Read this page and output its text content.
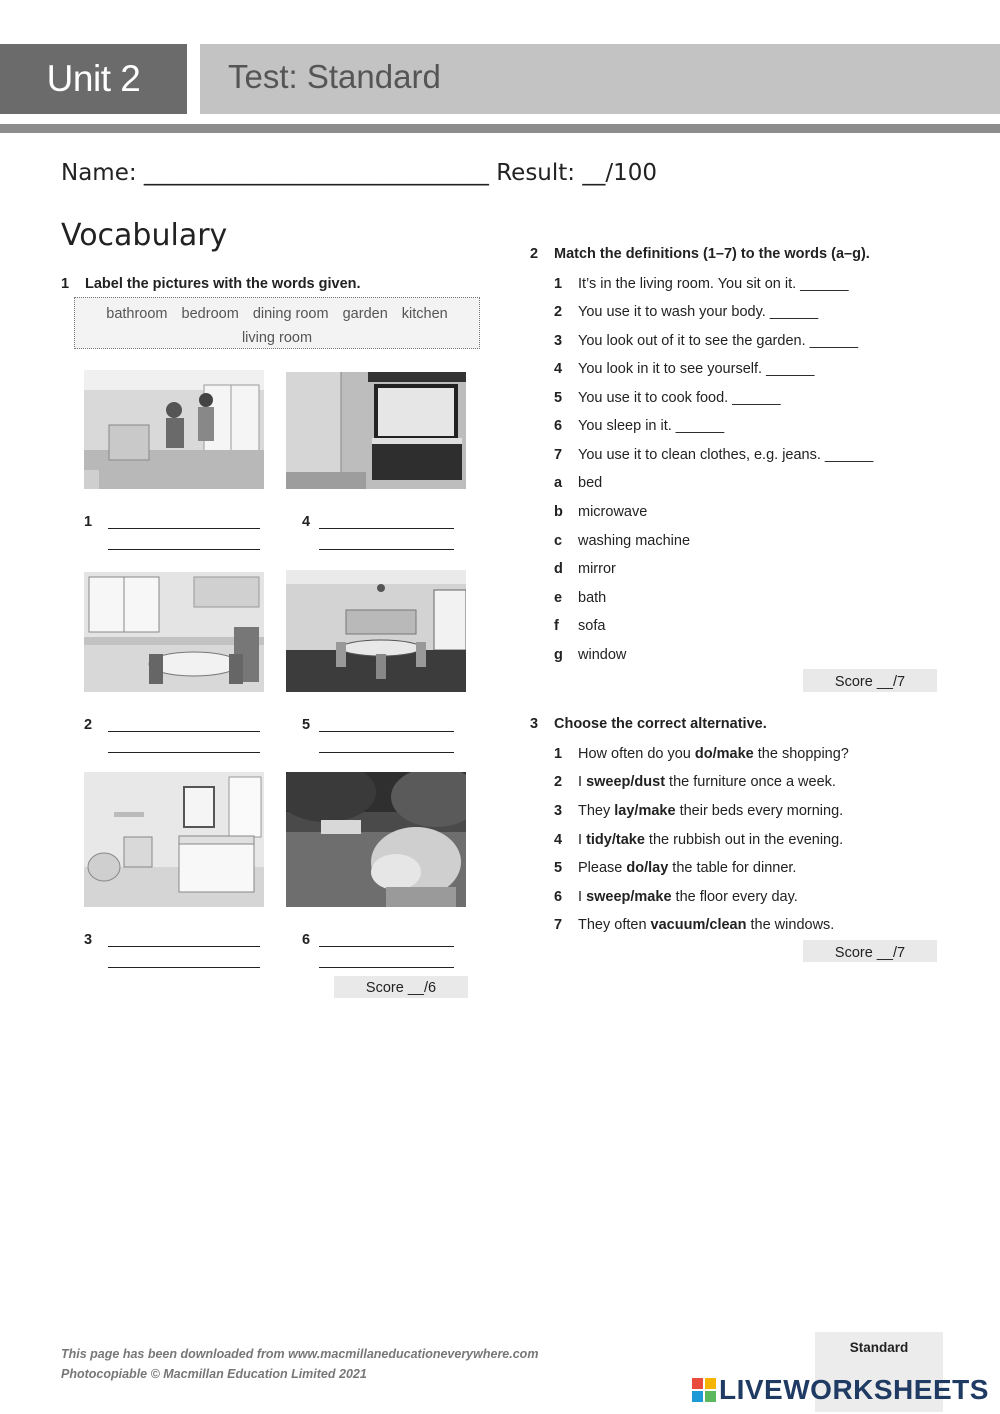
Unit 2	Test: Standard
Name: ______________________________ Result: __/100
Vocabulary
1 Label the pictures with the words given.
bathroom bedroom dining room garden kitchen
living room
1	4
2	5
3	6
Score __/6
2 Match the definitions (1–7) to the words (a–g).
1 It’s in the living room. You sit on it. ______
2 You use it to wash your body. ______
3 You look out of it to see the garden. ______
4 You look in it to see yourself. ______
5 You use it to cook food. ______
6 You sleep in it. ______
7 You use it to clean clothes, e.g. jeans. ______
a bed
b microwave
c washing machine
d mirror
e bath
f sofa
g window
Score __/7
3 Choose the correct alternative.
1 How often do you do/make the shopping?
2 I sweep/dust the furniture once a week.
3 They lay/make their beds every morning.
4 I tidy/take the rubbish out in the evening.
5 Please do/lay the table for dinner.
6 I sweep/make the floor every day.
7 They often vacuum/clean the windows.
Score __/7
This page has been downloaded from www.macmillaneducationeverywhere.com
Photocopiable © Macmillan Education Limited 2021
Standard
LIVEWORKSHEETS
